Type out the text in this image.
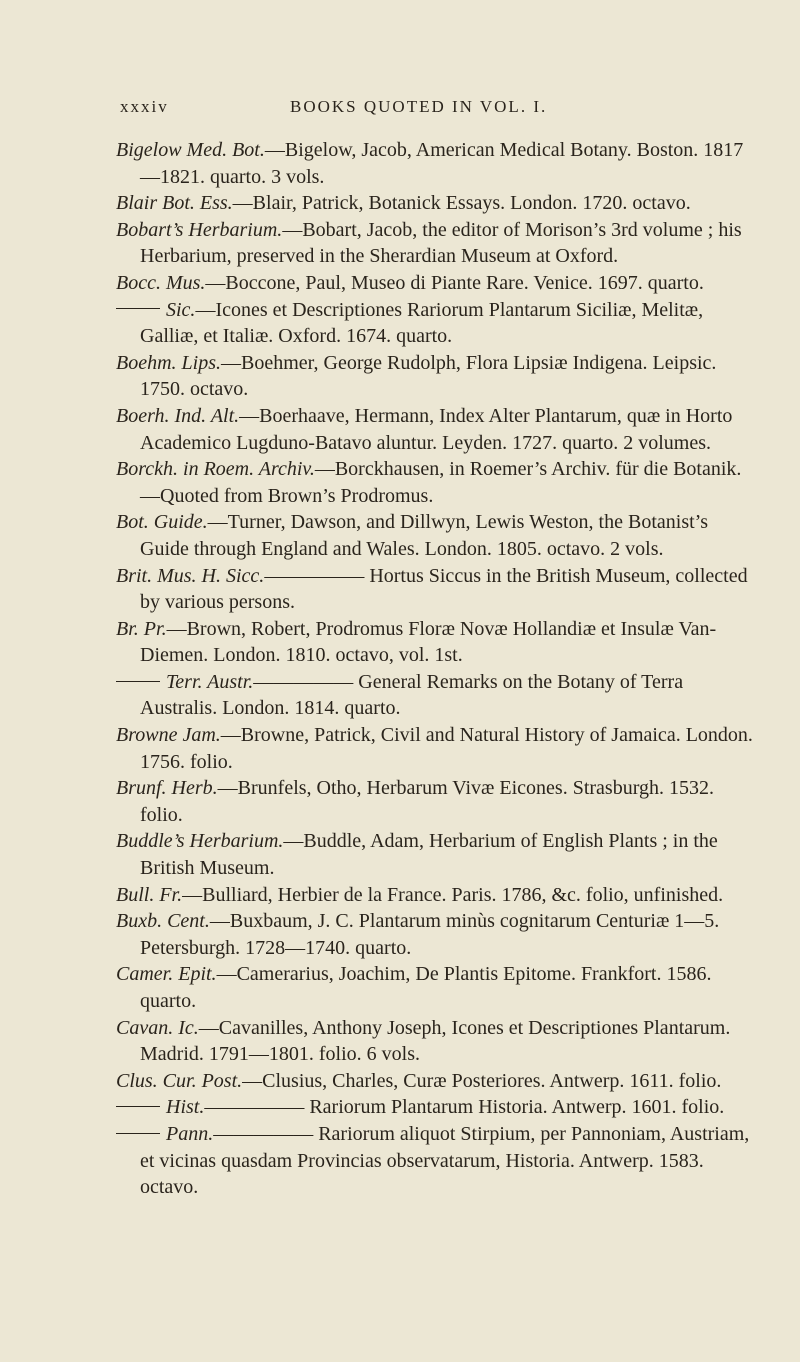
xxxiv	BOOKS QUOTED IN VOL. I.

Bigelow Med. Bot.—Bigelow, Jacob, American Medical Botany. Boston. 1817—1821. quarto. 3 vols.

Blair Bot. Ess.—Blair, Patrick, Botanick Essays. London. 1720. octavo.

Bobart’s Herbarium.—Bobart, Jacob, the editor of Morison’s 3rd volume ; his Herbarium, preserved in the Sherardian Museum at Oxford.

Bocc. Mus.—Boccone, Paul, Museo di Piante Rare. Venice. 1697. quarto.

Sic.—Icones et Descriptiones Rariorum Plantarum Siciliæ, Melitæ, Galliæ, et Italiæ. Oxford. 1674. quarto.

Boehm. Lips.—Boehmer, George Rudolph, Flora Lipsiæ Indigena. Leipsic. 1750. octavo.

Boerh. Ind. Alt.—Boerhaave, Hermann, Index Alter Plantarum, quæ in Horto Academico Lugduno-Batavo aluntur. Leyden. 1727. quarto. 2 volumes.

Borckh. in Roem. Archiv.—Borckhausen, in Roemer’s Archiv. für die Botanik.—Quoted from Brown’s Prodromus.

Bot. Guide.—Turner, Dawson, and Dillwyn, Lewis Weston, the Botanist’s Guide through England and Wales. London. 1805. octavo. 2 vols.

Brit. Mus. H. Sicc.————— Hortus Siccus in the British Museum, collected by various persons.

Br. Pr.—Brown, Robert, Prodromus Floræ Novæ Hollandiæ et Insulæ Van-Diemen. London. 1810. octavo, vol. 1st.

Terr. Austr.————— General Remarks on the Botany of Terra Australis. London. 1814. quarto.

Browne Jam.—Browne, Patrick, Civil and Natural History of Jamaica. London. 1756. folio.

Brunf. Herb.—Brunfels, Otho, Herbarum Vivæ Eicones. Strasburgh. 1532. folio.

Buddle’s Herbarium.—Buddle, Adam, Herbarium of English Plants ; in the British Museum.

Bull. Fr.—Bulliard, Herbier de la France. Paris. 1786, &c. folio, unfinished.

Buxb. Cent.—Buxbaum, J. C. Plantarum minùs cognitarum Centuriæ 1—5. Petersburgh. 1728—1740. quarto.

Camer. Epit.—Camerarius, Joachim, De Plantis Epitome. Frankfort. 1586. quarto.

Cavan. Ic.—Cavanilles, Anthony Joseph, Icones et Descriptiones Plantarum. Madrid. 1791—1801. folio. 6 vols.

Clus. Cur. Post.—Clusius, Charles, Curæ Posteriores. Antwerp. 1611. folio.

Hist.————— Rariorum Plantarum Historia. Antwerp. 1601. folio.

Pann.————— Rariorum aliquot Stirpium, per Pannoniam, Austriam, et vicinas quasdam Provincias observatarum, Historia. Antwerp. 1583. octavo.
